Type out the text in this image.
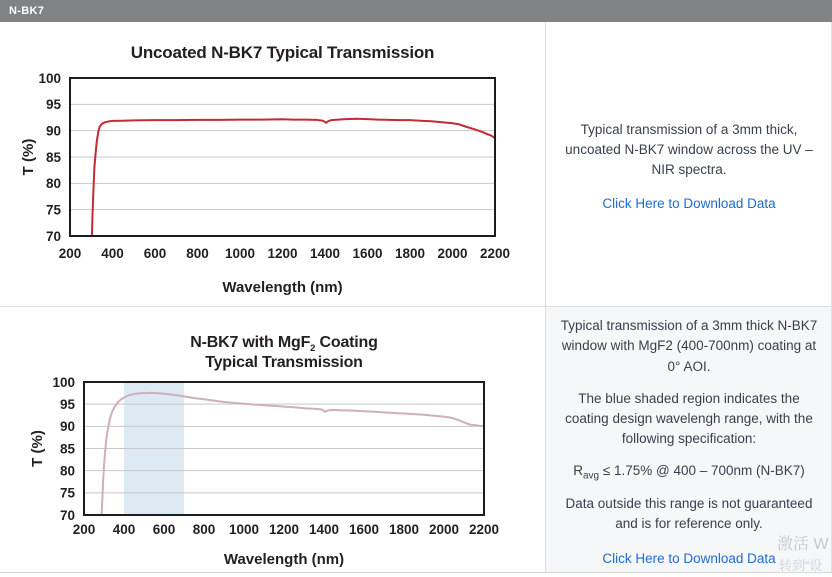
N-BK7
70
75
80
85
90
95
100
200 400 600 800 1000 1200 1400 1600 1800 2000 2200
Uncoated N-BK7 Typical Transmission
Wavelength (nm)
T (%)

Typical transmission of a 3mm thick, uncoated N-BK7 window across the UV – NIR spectra.

Click Here to Download Data
70
75
80
85
90
95
100
200 400 600 800 1000 1200 1400 1600 1800 2000 2200
N-BK7 with MgF$_2$ Coating
Typical Transmission
Wavelength (nm)
T (%)

Typical transmission of a 3mm thick N-BK7 window with MgF2 (400-700nm) coating at 0° AOI.

The blue shaded region indicates the coating design wavelengh range, with the following specification:

$R_{avg} \le 1.75\%$ @ 400 – 700nm (N-BK7)

Data outside this range is not guaranteed and is for reference only.

Click Here to Download Data
激活 W
转到“设
